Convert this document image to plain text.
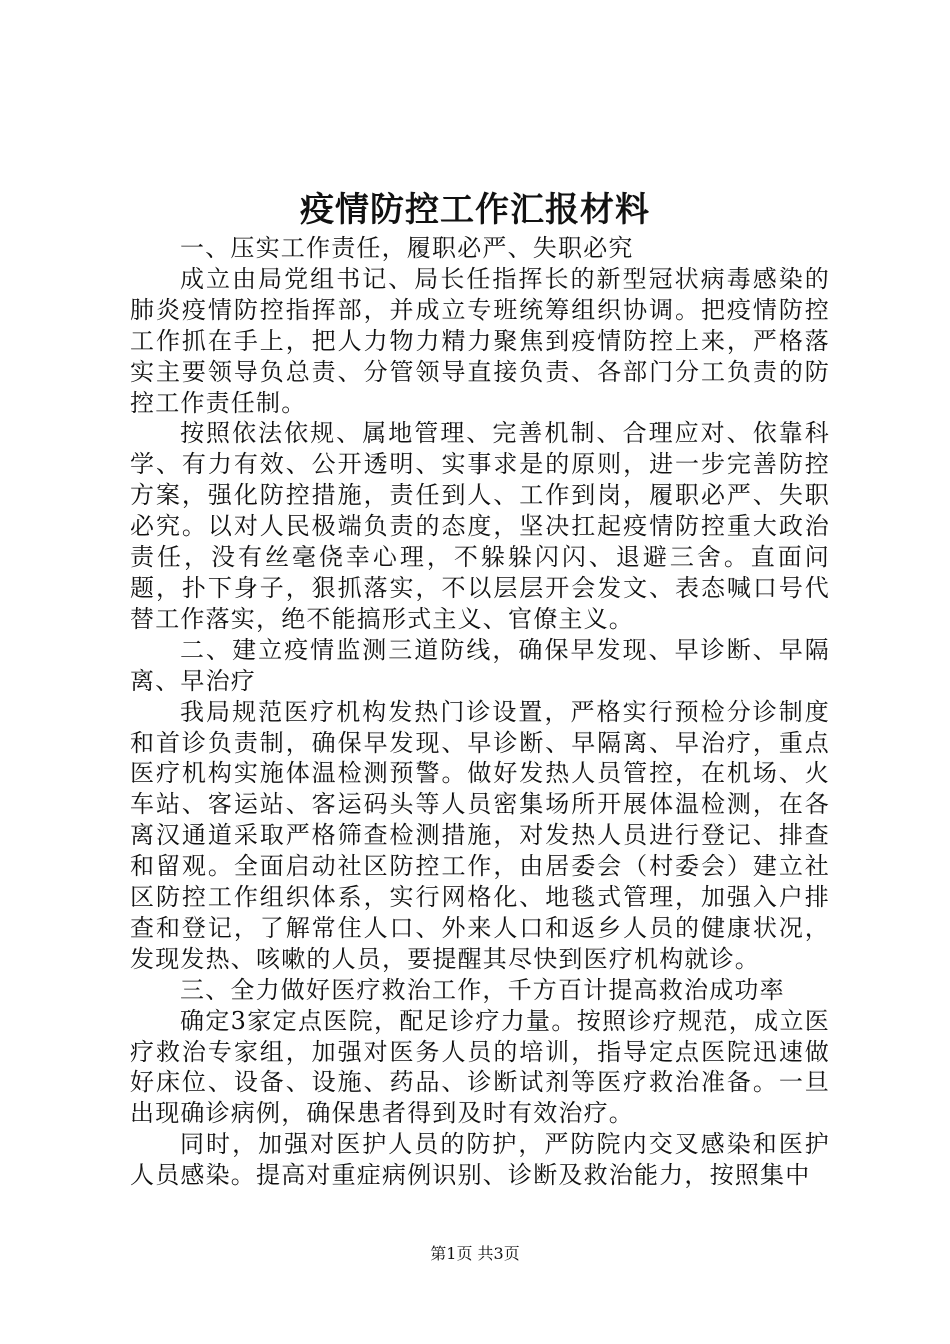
疫情防控工作汇报材料

一、压实工作责任，履职必严、失职必究

成立由局党组书记、局长任指挥长的新型冠状病毒感染的肺炎疫情防控指挥部，并成立专班统筹组织协调。把疫情防控工作抓在手上，把人力物力精力聚焦到疫情防控上来，严格落实主要领导负总责、分管领导直接负责、各部门分工负责的防控工作责任制。

按照依法依规、属地管理、完善机制、合理应对、依靠科学、有力有效、公开透明、实事求是的原则，进一步完善防控方案，强化防控措施，责任到人、工作到岗，履职必严、失职必究。以对人民极端负责的态度，坚决扛起疫情防控重大政治责任，没有丝毫侥幸心理，不躲躲闪闪、退避三舍。直面问题，扑下身子，狠抓落实，不以层层开会发文、表态喊口号代替工作落实，绝不能搞形式主义、官僚主义。

二、建立疫情监测三道防线，确保早发现、早诊断、早隔离、早治疗

我局规范医疗机构发热门诊设置，严格实行预检分诊制度和首诊负责制，确保早发现、早诊断、早隔离、早治疗，重点医疗机构实施体温检测预警。做好发热人员管控，在机场、火车站、客运站、客运码头等人员密集场所开展体温检测，在各离汉通道采取严格筛查检测措施，对发热人员进行登记、排查和留观。全面启动社区防控工作，由居委会（村委会）建立社区防控工作组织体系，实行网格化、地毯式管理，加强入户排查和登记，了解常住人口、外来人口和返乡人员的健康状况，发现发热、咳嗽的人员，要提醒其尽快到医疗机构就诊。

三、全力做好医疗救治工作，千方百计提高救治成功率

确定3家定点医院，配足诊疗力量。按照诊疗规范，成立医疗救治专家组，加强对医务人员的培训，指导定点医院迅速做好床位、设备、设施、药品、诊断试剂等医疗救治准备。一旦出现确诊病例，确保患者得到及时有效治疗。

同时，加强对医护人员的防护，严防院内交叉感染和医护人员感染。提高对重症病例识别、诊断及救治能力，按照集中

第1页 共3页
